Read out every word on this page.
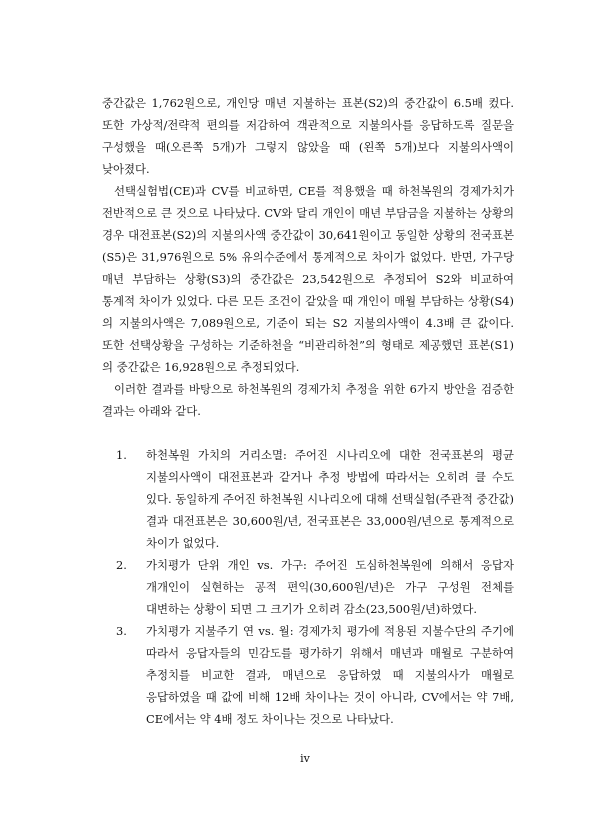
중간값은 1,762원으로, 개인당 매년 지불하는 표본(S2)의 중간값이 6.5배 컸다. 또한 가상적/전략적 편의를 저감하여 객관적으로 지불의사를 응답하도록 질문을 구성했을 때(오른쪽 5개)가 그렇지 않았을 때 (왼쪽 5개)보다 지불의사액이 낮아졌다.

선택실험법(CE)과 CV를 비교하면, CE를 적용했을 때 하천복원의 경제가치가 전반적으로 큰 것으로 나타났다. CV와 달리 개인이 매년 부담금을 지불하는 상황의 경우 대전표본(S2)의 지불의사액 중간값이 30,641원이고 동일한 상황의 전국표본(S5)은 31,976원으로 5% 유의수준에서 통계적으로 차이가 없었다. 반면, 가구당 매년 부담하는 상황(S3)의 중간값은 23,542원으로 추정되어 S2와 비교하여 통계적 차이가 있었다. 다른 모든 조건이 같았을 때 개인이 매월 부담하는 상황(S4)의 지불의사액은 7,089원으로, 기준이 되는 S2 지불의사액이 4.3배 큰 값이다. 또한 선택상황을 구성하는 기준하천을 “비관리하천”의 형태로 제공했던 표본(S1)의 중간값은 16,928원으로 추정되었다.

이러한 결과를 바탕으로 하천복원의 경제가치 추정을 위한 6가지 방안을 검증한 결과는 아래와 같다.

1. 하천복원 가치의 거리소멸: 주어진 시나리오에 대한 전국표본의 평균 지불의사액이 대전표본과 같거나 추정 방법에 따라서는 오히려 클 수도 있다. 동일하게 주어진 하천복원 시나리오에 대해 선택실험(주관적 중간값) 결과 대전표본은 30,600원/년, 전국표본은 33,000원/년으로 통계적으로 차이가 없었다.
2. 가치평가 단위 개인 vs. 가구: 주어진 도심하천복원에 의해서 응답자 개개인이 실현하는 공적 편익(30,600원/년)은 가구 구성원 전체를 대변하는 상황이 되면 그 크기가 오히려 감소(23,500원/년)하였다.
3. 가치평가 지불주기 연 vs. 월: 경제가치 평가에 적용된 지불수단의 주기에 따라서 응답자들의 민감도를 평가하기 위해서 매년과 매월로 구분하여 추정치를 비교한 결과, 매년으로 응답하였 때 지불의사가 매월로 응답하였을 때 값에 비해 12배 차이나는 것이 아니라, CV에서는 약 7배, CE에서는 약 4배 정도 차이나는 것으로 나타났다.
iv
